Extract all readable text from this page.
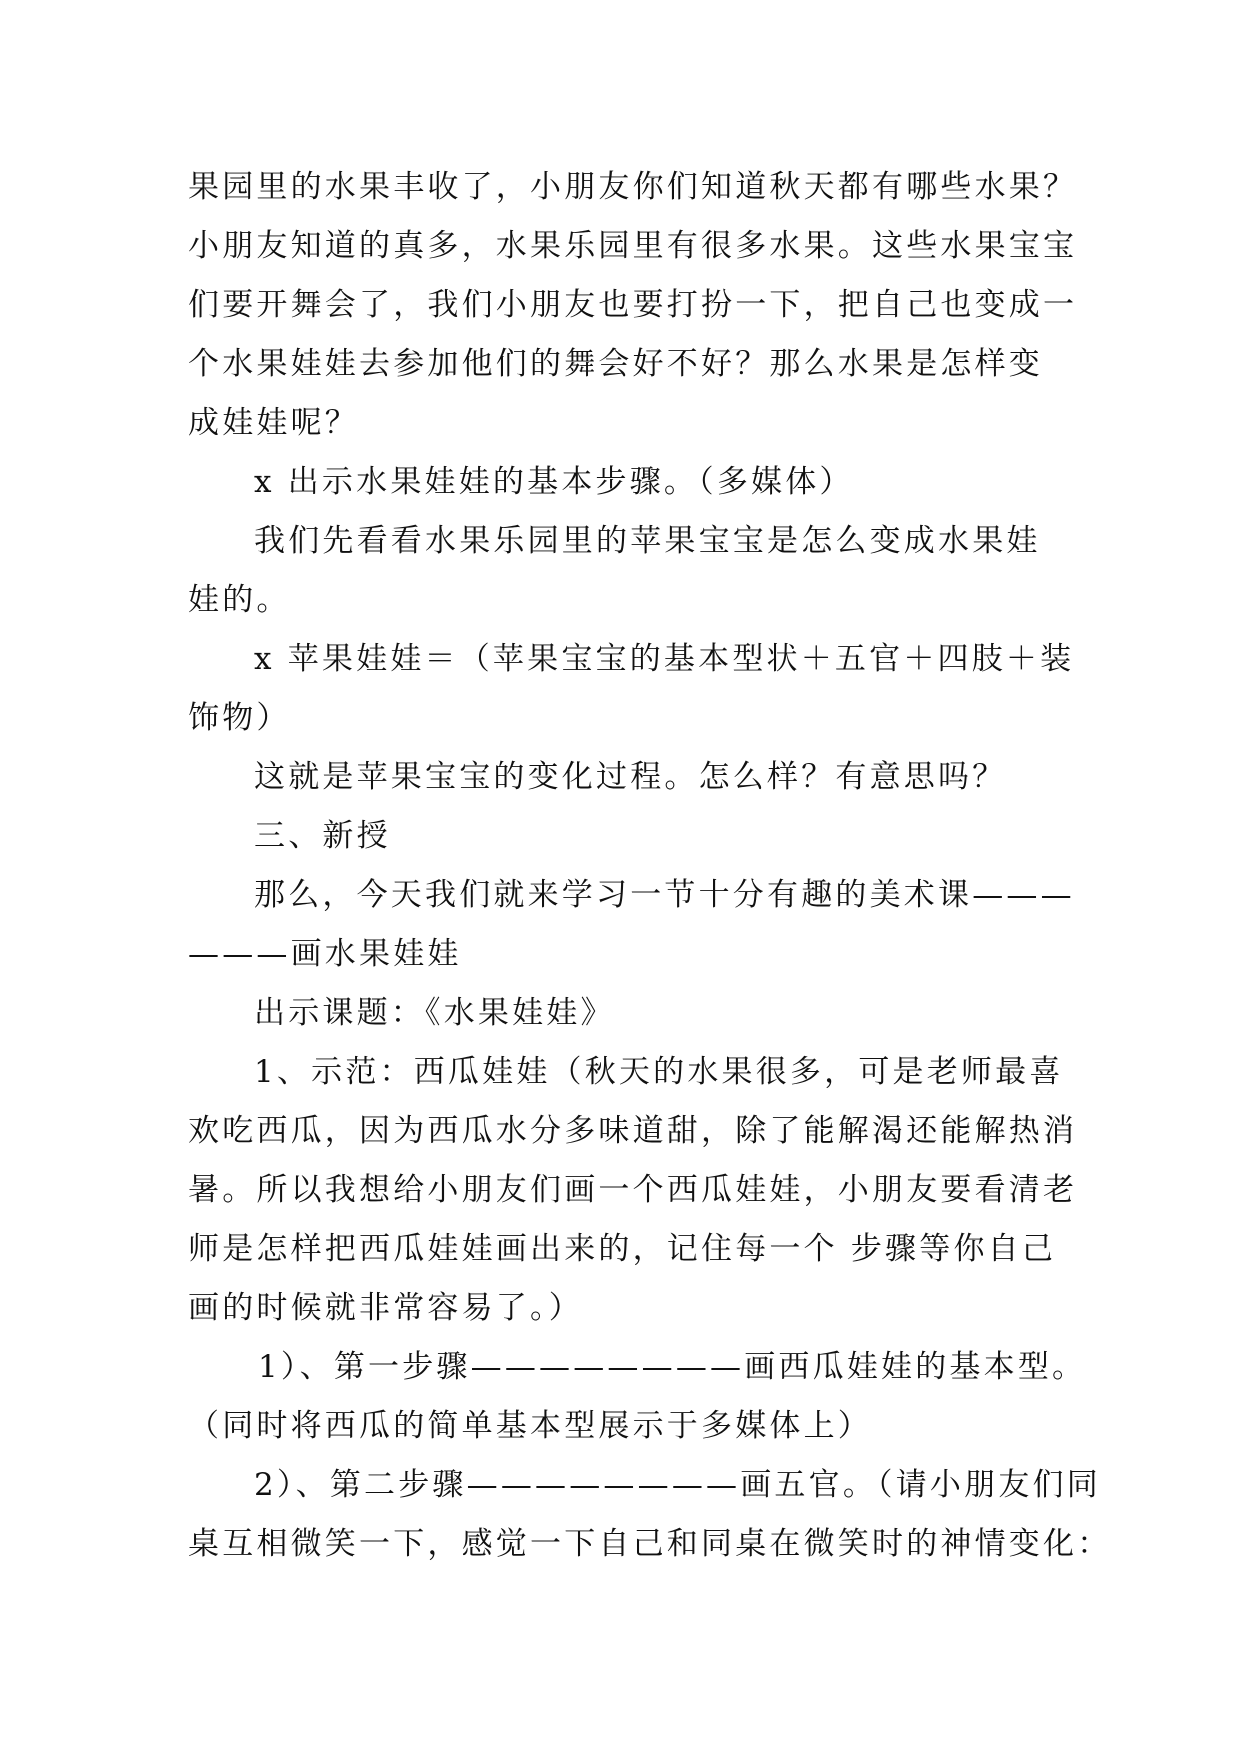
果园里的水果丰收了，小朋友你们知道秋天都有哪些水果？
小朋友知道的真多，水果乐园里有很多水果。这些水果宝宝
们要开舞会了，我们小朋友也要打扮一下，把自己也变成一
个水果娃娃去参加他们的舞会好不好？那么水果是怎样变
成娃娃呢？
x 出示水果娃娃的基本步骤。（多媒体）
我们先看看水果乐园里的苹果宝宝是怎么变成水果娃
娃的。
x 苹果娃娃＝（苹果宝宝的基本型状＋五官＋四肢＋装
饰物）
这就是苹果宝宝的变化过程。怎么样？有意思吗？
三、新授
那么，今天我们就来学习一节十分有趣的美术课———
———画水果娃娃
出示课题：《水果娃娃》
1、示范：西瓜娃娃（秋天的水果很多，可是老师最喜
欢吃西瓜，因为西瓜水分多味道甜，除了能解渴还能解热消
暑。所以我想给小朋友们画一个西瓜娃娃，小朋友要看清老
师是怎样把西瓜娃娃画出来的，记住每一个 步骤等你自己
画的时候就非常容易了。）
1）、第一步骤————————画西瓜娃娃的基本型。
（同时将西瓜的简单基本型展示于多媒体上）
2）、第二步骤————————画五官。（请小朋友们同
桌互相微笑一下，感觉一下自己和同桌在微笑时的神情变化：
